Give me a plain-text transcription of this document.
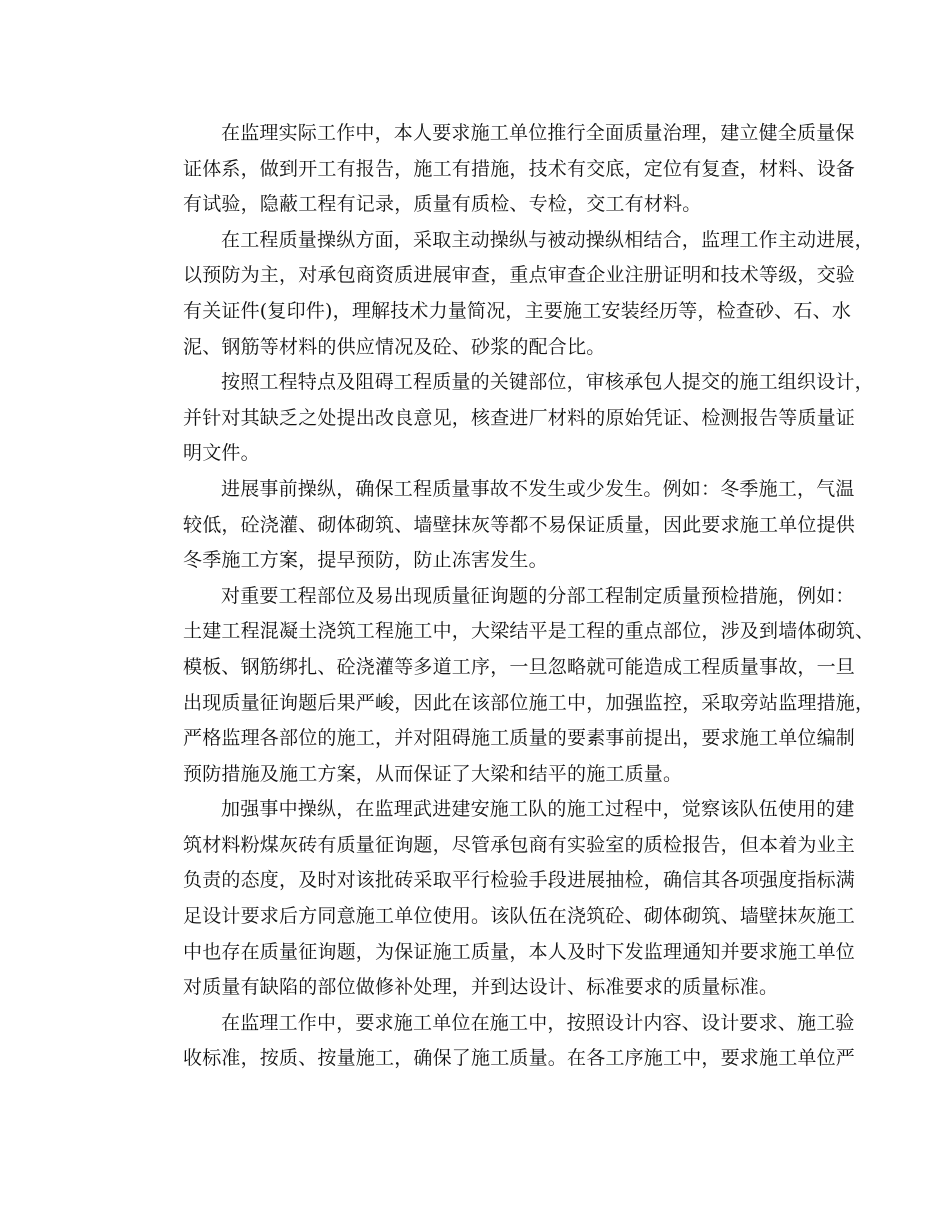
在监理实际工作中，本人要求施工单位推行全面质量治理，建立健全质量保
证体系，做到开工有报告，施工有措施，技术有交底，定位有复查，材料、设备
有试验，隐蔽工程有记录，质量有质检、专检，交工有材料。
在工程质量操纵方面，采取主动操纵与被动操纵相结合，监理工作主动进展，
以预防为主，对承包商资质进展审查，重点审查企业注册证明和技术等级，交验
有关证件(复印件)，理解技术力量简况，主要施工安装经历等，检查砂、石、水
泥、钢筋等材料的供应情况及砼、砂浆的配合比。
按照工程特点及阻碍工程质量的关键部位，审核承包人提交的施工组织设计，
并针对其缺乏之处提出改良意见，核查进厂材料的原始凭证、检测报告等质量证
明文件。
进展事前操纵，确保工程质量事故不发生或少发生。例如：冬季施工，气温
较低，砼浇灌、砌体砌筑、墙壁抹灰等都不易保证质量，因此要求施工单位提供
冬季施工方案，提早预防，防止冻害发生。
对重要工程部位及易出现质量征询题的分部工程制定质量预检措施，例如：
土建工程混凝土浇筑工程施工中，大梁结平是工程的重点部位，涉及到墙体砌筑、
模板、钢筋绑扎、砼浇灌等多道工序，一旦忽略就可能造成工程质量事故，一旦
出现质量征询题后果严峻，因此在该部位施工中，加强监控，采取旁站监理措施，
严格监理各部位的施工，并对阻碍施工质量的要素事前提出，要求施工单位编制
预防措施及施工方案，从而保证了大梁和结平的施工质量。
加强事中操纵，在监理武进建安施工队的施工过程中，觉察该队伍使用的建
筑材料粉煤灰砖有质量征询题，尽管承包商有实验室的质检报告，但本着为业主
负责的态度，及时对该批砖采取平行检验手段进展抽检，确信其各项强度指标满
足设计要求后方同意施工单位使用。该队伍在浇筑砼、砌体砌筑、墙壁抹灰施工
中也存在质量征询题，为保证施工质量，本人及时下发监理通知并要求施工单位
对质量有缺陷的部位做修补处理，并到达设计、标准要求的质量标准。
在监理工作中，要求施工单位在施工中，按照设计内容、设计要求、施工验
收标准，按质、按量施工，确保了施工质量。在各工序施工中，要求施工单位严
